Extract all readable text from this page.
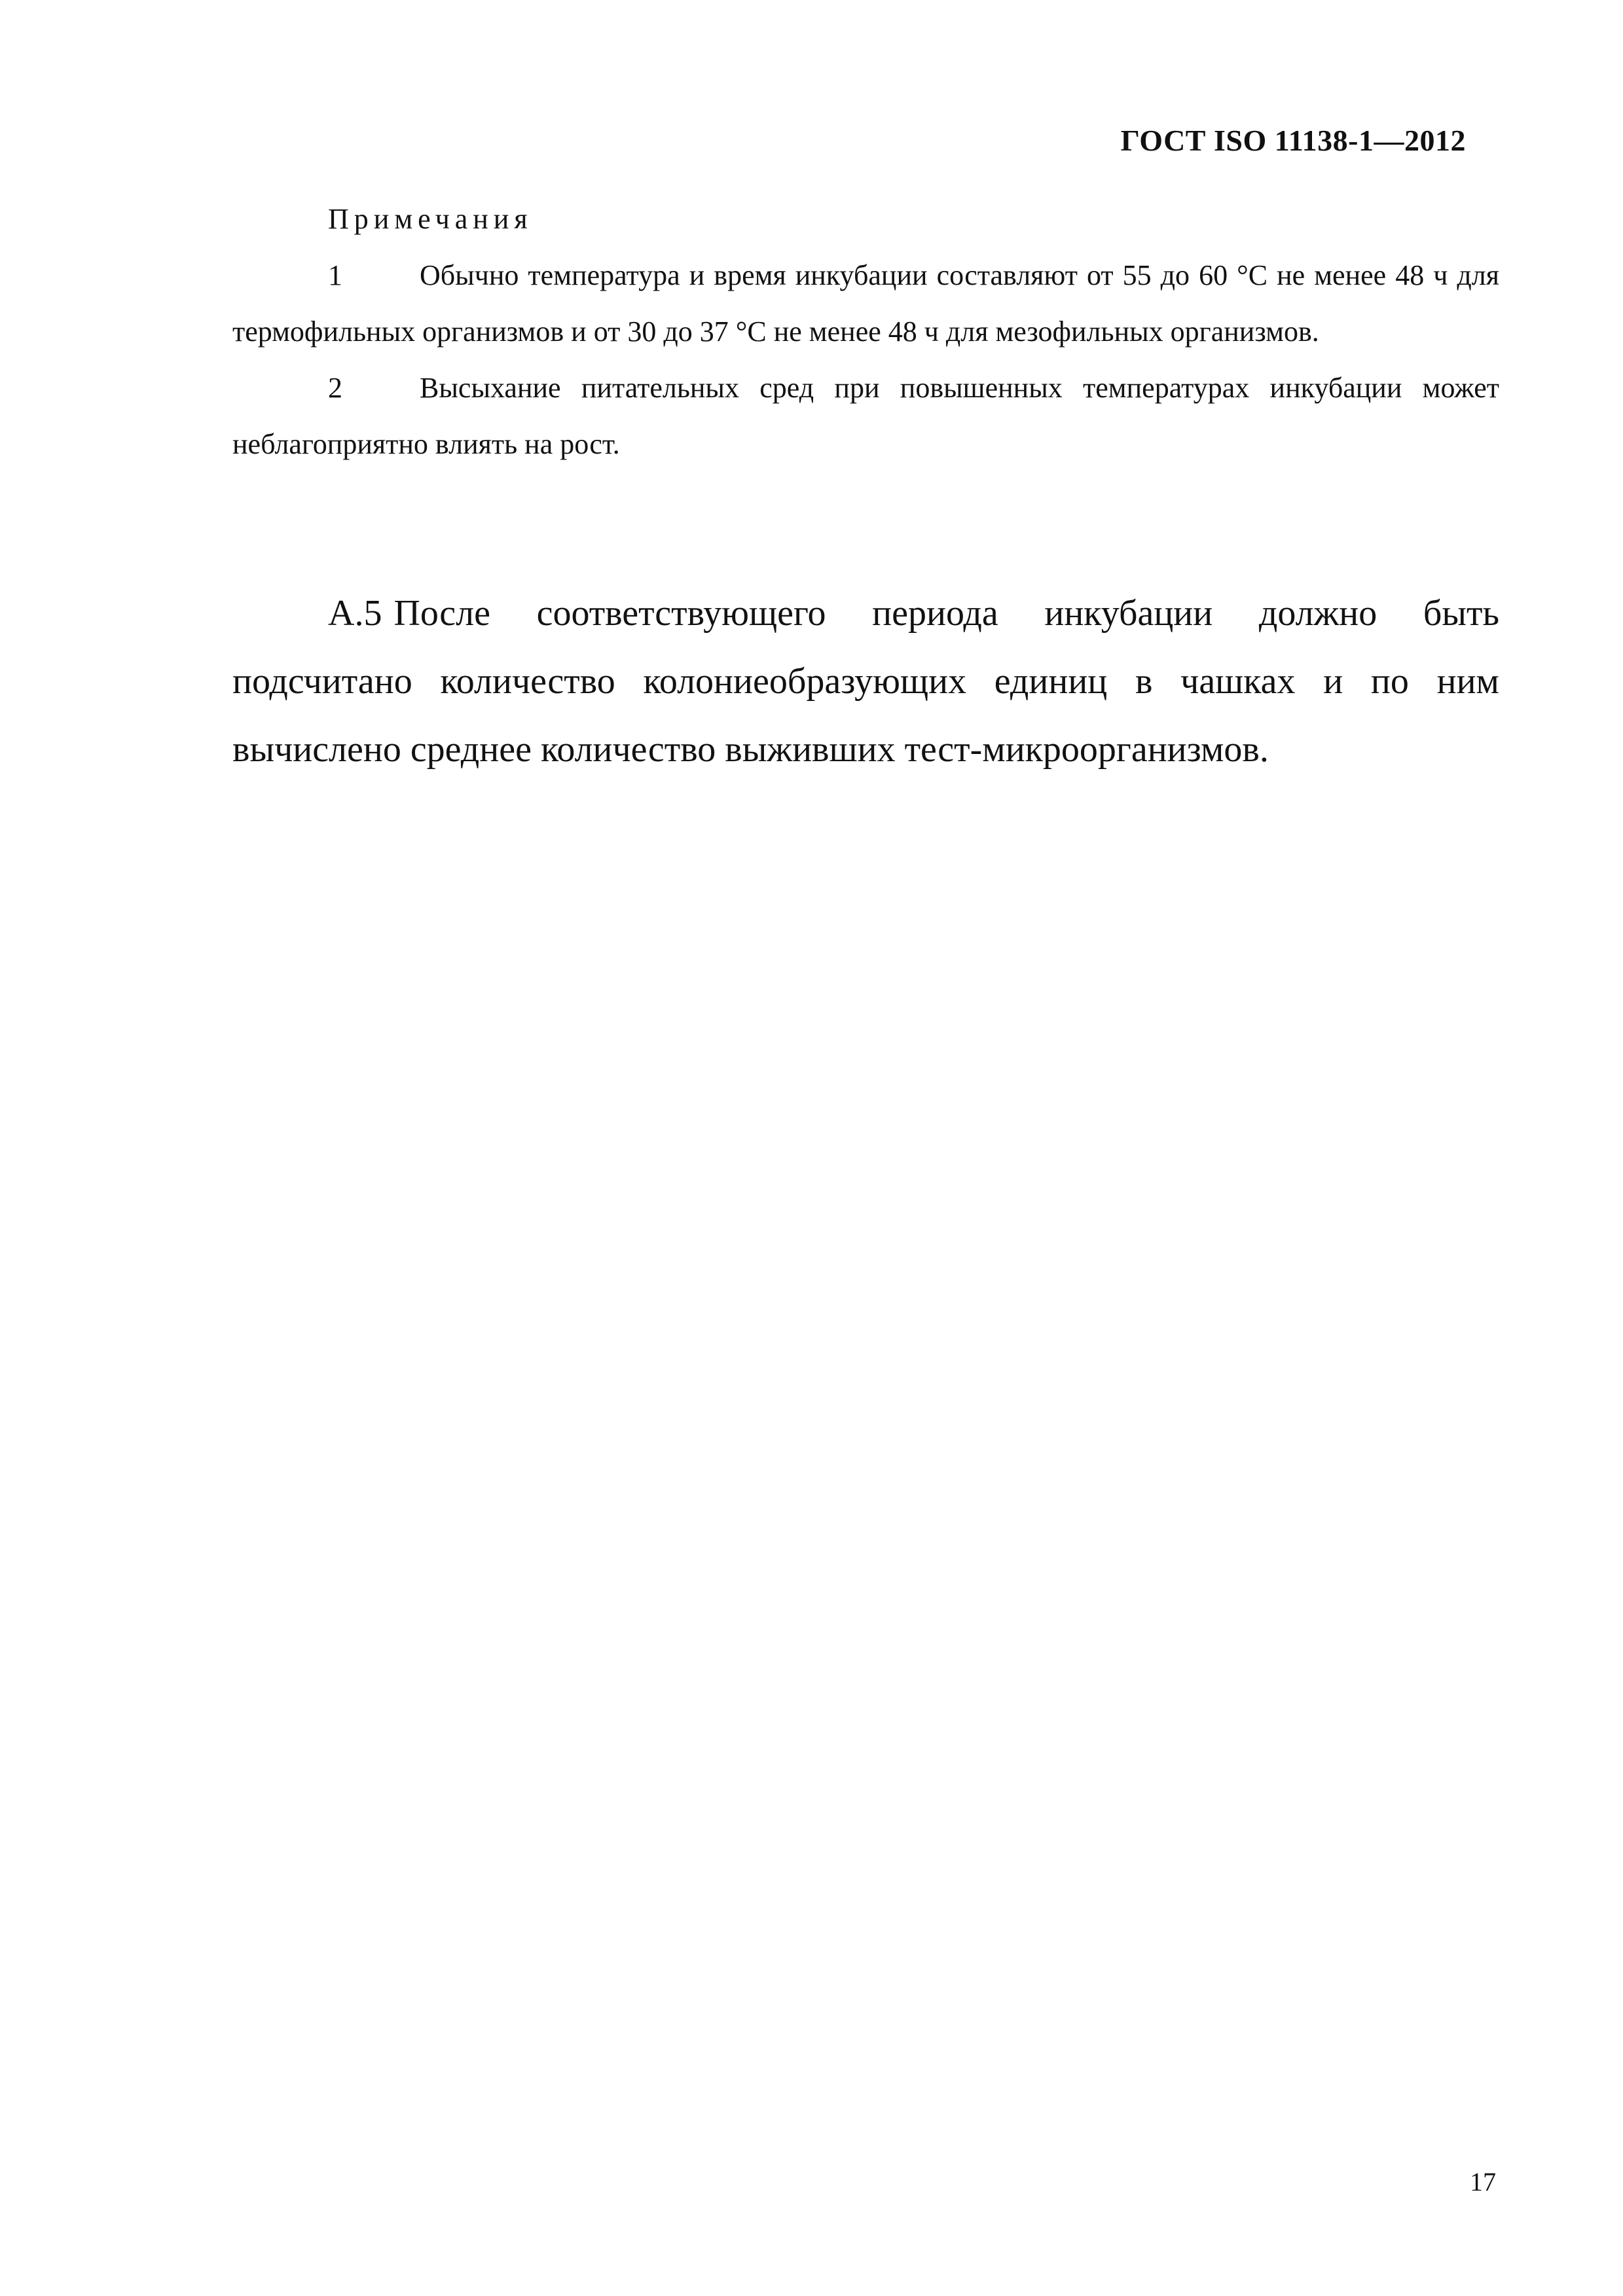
ГОСТ ISO 11138-1—2012

Примечания

1	Обычно температура и время инкубации составляют от 55 до 60 °С не менее 48 ч для термофильных организмов и от 30 до 37 °С не менее 48 ч для мезофильных организмов.

2	Высыхание питательных сред при повышенных температурах инкубации может неблагоприятно влиять на рост.

А.5 После соответствующего периода инкубации должно быть подсчитано количество колониеобразующих единиц в чашках и по ним вычислено среднее количество выживших тест-микроорганизмов.

17
